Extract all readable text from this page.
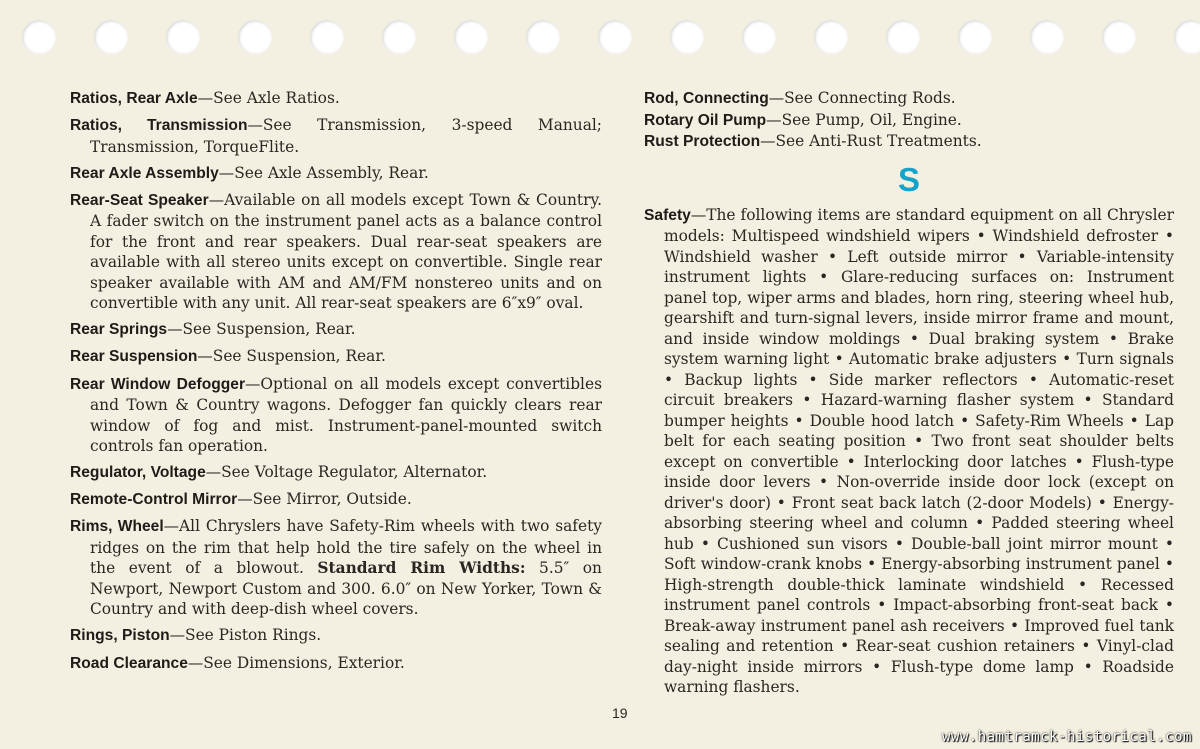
Ratios, Rear Axle—See Axle Ratios.

Ratios, Transmission—See Transmission, 3-speed Manual; Transmission, TorqueFlite.

Rear Axle Assembly—See Axle Assembly, Rear.

Rear-Seat Speaker—Available on all models except Town & Country. A fader switch on the instrument panel acts as a balance control for the front and rear speakers. Dual rear-seat speakers are available with all stereo units except on convertible. Single rear speaker available with AM and AM/FM nonstereo units and on convertible with any unit. All rear-seat speakers are 6″x9″ oval.

Rear Springs—See Suspension, Rear.

Rear Suspension—See Suspension, Rear.

Rear Window Defogger—Optional on all models except convertibles and Town & Country wagons. Defogger fan quickly clears rear window of fog and mist. Instrument-panel-mounted switch controls fan operation.

Regulator, Voltage—See Voltage Regulator, Alternator.

Remote-Control Mirror—See Mirror, Outside.

Rims, Wheel—All Chryslers have Safety-Rim wheels with two safety ridges on the rim that help hold the tire safely on the wheel in the event of a blowout. Standard Rim Widths: 5.5″ on Newport, Newport Custom and 300. 6.0″ on New Yorker, Town & Country and with deep-dish wheel covers.

Rings, Piston—See Piston Rings.

Road Clearance—See Dimensions, Exterior.

Rod, Connecting—See Connecting Rods.

Rotary Oil Pump—See Pump, Oil, Engine.

Rust Protection—See Anti-Rust Treatments.

S

Safety—The following items are standard equipment on all Chrysler models: Multispeed windshield wipers • Windshield defroster • Windshield washer • Left outside mirror • Variable-intensity instrument lights • Glare-reducing surfaces on: Instrument panel top, wiper arms and blades, horn ring, steering wheel hub, gearshift and turn-signal levers, inside mirror frame and mount, and inside window moldings • Dual braking system • Brake system warning light • Automatic brake adjusters • Turn signals • Backup lights • Side marker reflectors • Automatic-reset circuit breakers • Hazard-warning flasher system • Standard bumper heights • Double hood latch • Safety-Rim Wheels • Lap belt for each seating position • Two front seat shoulder belts except on convertible • Interlocking door latches • Flush-type inside door levers • Non-override inside door lock (except on driver's door) • Front seat back latch (2-door Models) • Energy-absorbing steering wheel and column • Padded steering wheel hub • Cushioned sun visors • Double-ball joint mirror mount • Soft window-crank knobs • Energy-absorbing instrument panel • High-strength double-thick laminate windshield • Recessed instrument panel controls • Impact-absorbing front-seat back • Break-away instrument panel ash receivers • Improved fuel tank sealing and retention • Rear-seat cushion retainers • Vinyl-clad day-night inside mirrors • Flush-type dome lamp • Roadside warning flashers.

19
www.hamtramck-historical.com
